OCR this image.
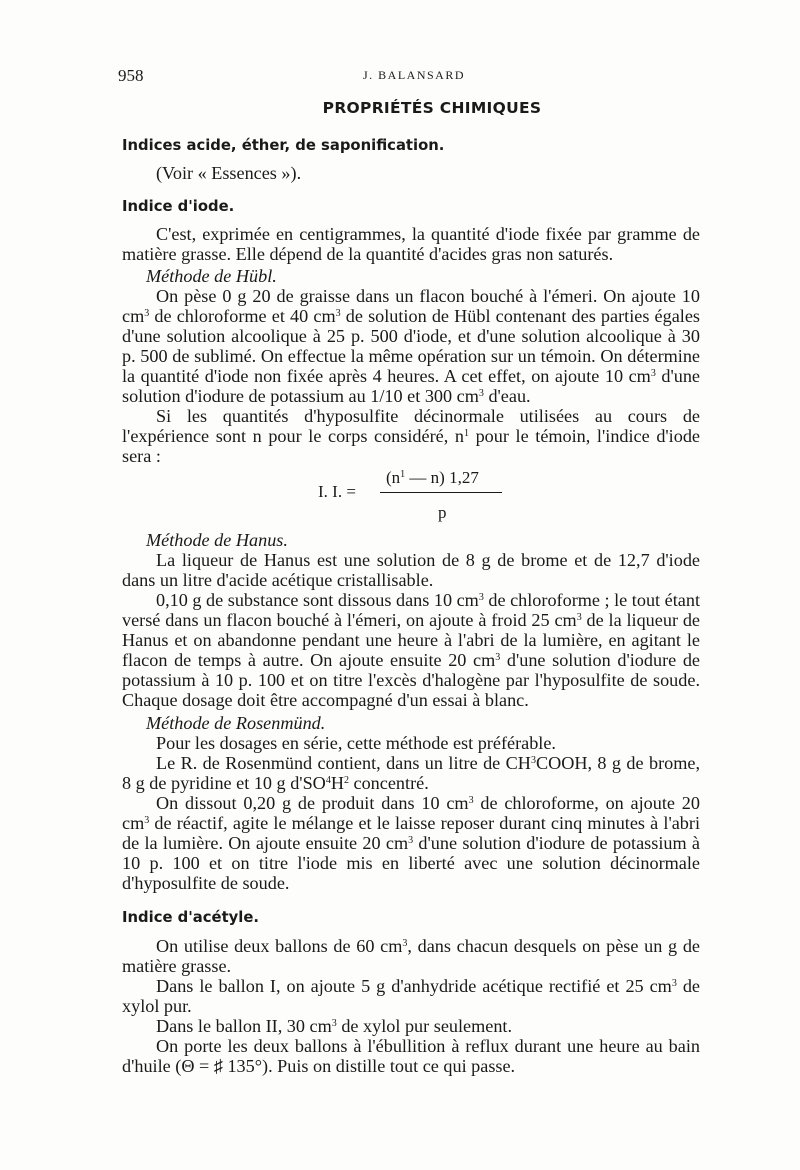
958	J. BALANSARD
PROPRIÉTÉS CHIMIQUES
Indices acide, éther, de saponification.

(Voir « Essences »).

Indice d'iode.

C'est, exprimée en centigrammes, la quantité d'iode fixée par gramme de matière grasse. Elle dépend de la quantité d'acides gras non saturés.

Méthode de Hübl.

On pèse 0 g 20 de graisse dans un flacon bouché à l'émeri. On ajoute 10 $cm^3$ de chloroforme et 40 $cm^3$ de solution de Hübl contenant des parties égales d'une solution alcoolique à 25 p. 500 d'iode, et d'une solution alcoolique à 30 p. 500 de sublimé. On effectue la même opération sur un témoin. On détermine la quantité d'iode non fixée après 4 heures. A cet effet, on ajoute 10 $cm^3$ d'une solution d'iodure de potassium au 1/10 et 300 $cm^3$ d'eau.

Si les quantités d'hyposulfite décinormale utilisées au cours de l'expérience sont n pour le corps considéré, $n^1$ pour le témoin, l'indice d'iode sera :

I. I. =
($n^1$ — n) 1,27
p

Méthode de Hanus.

La liqueur de Hanus est une solution de 8 g de brome et de 12,7 d'iode dans un litre d'acide acétique cristallisable.

0,10 g de substance sont dissous dans 10 $cm^3$ de chloroforme ; le tout étant versé dans un flacon bouché à l'émeri, on ajoute à froid 25 $cm^3$ de la liqueur de Hanus et on abandonne pendant une heure à l'abri de la lumière, en agitant le flacon de temps à autre. On ajoute ensuite 20 $cm^3$ d'une solution d'iodure de potassium à 10 p. 100 et on titre l'excès d'halogène par l'hyposulfite de soude. Chaque dosage doit être accompagné d'un essai à blanc.

Méthode de Rosenmünd.

Pour les dosages en série, cette méthode est préférable.

Le R. de Rosenmünd contient, dans un litre de $CH^3COOH$, 8 g de brome, 8 g de pyridine et 10 g $d'SO^4H^2$ concentré.

On dissout 0,20 g de produit dans 10 $cm^3$ de chloroforme, on ajoute 20 $cm^3$ de réactif, agite le mélange et le laisse reposer durant cinq minutes à l'abri de la lumière. On ajoute ensuite 20 $cm^3$ d'une solution d'iodure de potassium à 10 p. 100 et on titre l'iode mis en liberté avec une solution décinormale d'hyposulfite de soude.

Indice d'acétyle.

On utilise deux ballons de 60 $cm^3$, dans chacun desquels on pèse un g de matière grasse.

Dans le ballon I, on ajoute 5 g d'anhydride acétique rectifié et 25 $cm^3$ de xylol pur.

Dans le ballon II, 30 $cm^3$ de xylol pur seulement.

On porte les deux ballons à l'ébullition à reflux durant une heure au bain d'huile (Θ = ♯ 135°). Puis on distille tout ce qui passe.
